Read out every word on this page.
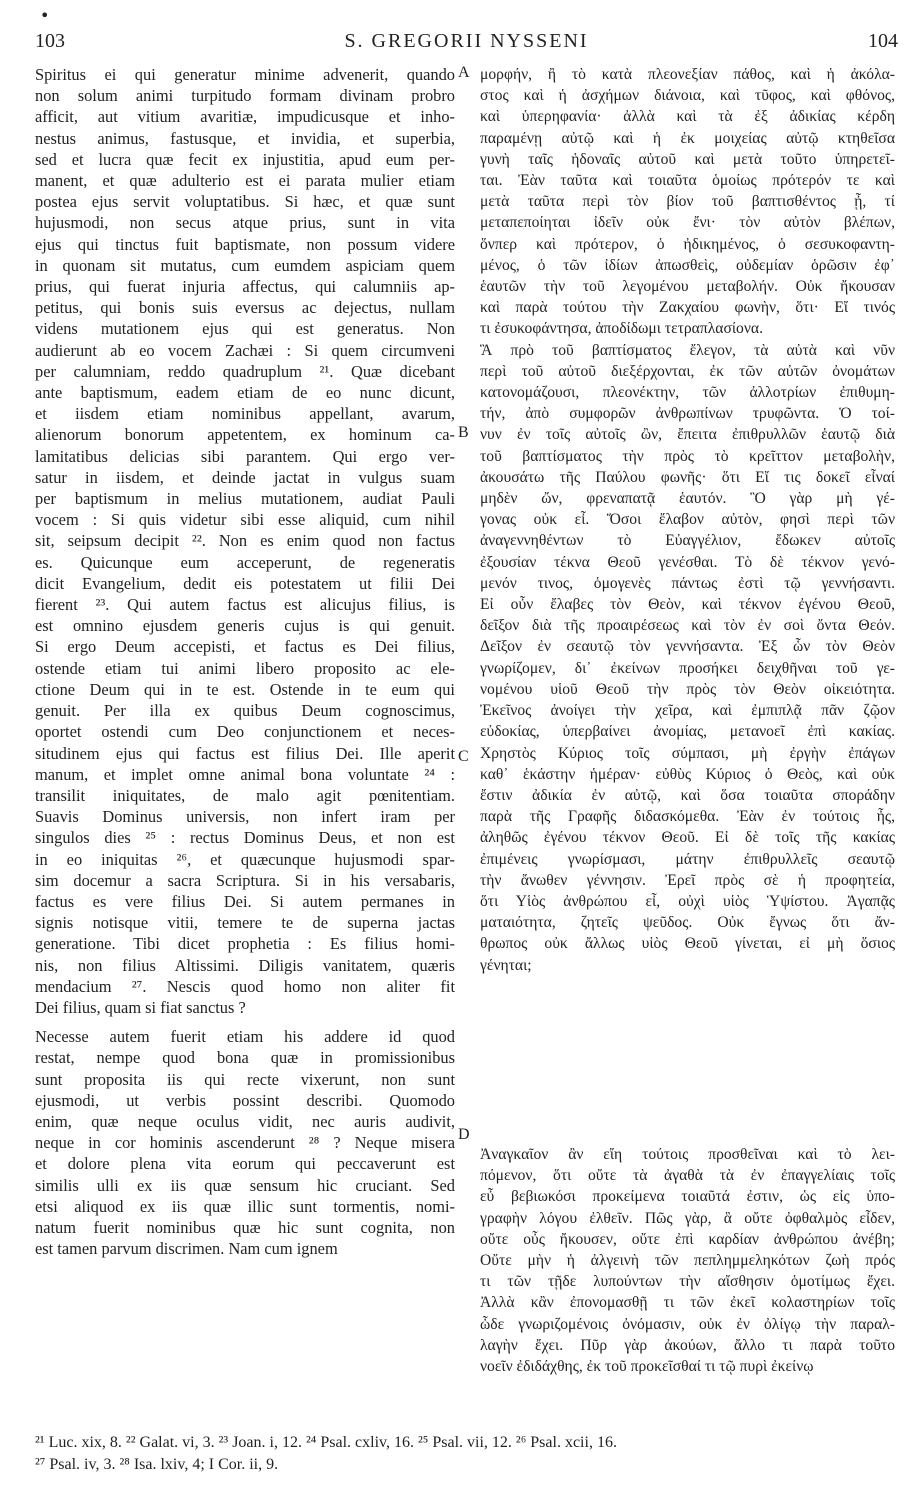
•
103	S. GREGORII NYSSENI	104
Spiritus ei qui generatur minime advenerit, quando
non solum animi turpitudo formam divinam probro
afficit, aut vitium avaritiæ, impudicusque et inho-
nestus animus, fastusque, et invidia, et superbia,
sed et lucra quæ fecit ex injustitia, apud eum per-
manent, et quæ adulterio est ei parata mulier etiam
postea ejus servit voluptatibus. Si hæc, et quæ sunt
hujusmodi, non secus atque prius, sunt in vita
ejus qui tinctus fuit baptismate, non possum videre
in quonam sit mutatus, cum eumdem aspiciam quem
prius, qui fuerat injuria affectus, qui calumniis ap-
petitus, qui bonis suis eversus ac dejectus, nullam
videns mutationem ejus qui est generatus. Non
audierunt ab eo vocem Zachæi : Si quem circumveni
per calumniam, reddo quadruplum ²¹. Quæ dicebant
ante baptismum, eadem etiam de eo nunc dicunt,
et iisdem etiam nominibus appellant, avarum,
alienorum bonorum appetentem, ex hominum ca-
lamitatibus delicias sibi parantem. Qui ergo ver-
satur in iisdem, et deinde jactat in vulgus suam
per baptismum in melius mutationem, audiat Pauli
vocem : Si quis videtur sibi esse aliquid, cum nihil
sit, seipsum decipit ²². Non es enim quod non factus
es. Quicunque eum acceperunt, de regeneratis
dicit Evangelium, dedit eis potestatem ut filii Dei
fierent ²³. Qui autem factus est alicujus filius, is
est omnino ejusdem generis cujus is qui genuit.
Si ergo Deum accepisti, et factus es Dei filius,
ostende etiam tui animi libero proposito ac ele-
ctione Deum qui in te est. Ostende in te eum qui
genuit. Per illa ex quibus Deum cognoscimus,
oportet ostendi cum Deo conjunctionem et neces-
situdinem ejus qui factus est filius Dei. Ille aperit
manum, et implet omne animal bona voluntate ²⁴ :
transilit iniquitates, de malo agit pœnitentiam.
Suavis Dominus universis, non infert iram per
singulos dies ²⁵ : rectus Dominus Deus, et non est
in eo iniquitas ²⁶, et quæcunque hujusmodi spar-
sim docemur a sacra Scriptura. Si in his versabaris,
factus es vere filius Dei. Si autem permanes in
signis notisque vitii, temere te de superna jactas
generatione. Tibi dicet prophetia : Es filius homi-
nis, non filius Altissimi. Diligis vanitatem, quæris
mendacium ²⁷. Nescis quod homo non aliter fit
Dei filius, quam si fiat sanctus ?
Necesse autem fuerit etiam his addere id quod
restat, nempe quod bona quæ in promissionibus
sunt proposita iis qui recte vixerunt, non sunt
ejusmodi, ut verbis possint describi. Quomodo
enim, quæ neque oculus vidit, nec auris audivit,
neque in cor hominis ascenderunt ²⁸ ? Neque misera
et dolore plena vita eorum qui peccaverunt est
similis ulli ex iis quæ sensum hic cruciant. Sed
etsi aliquod ex iis quæ illic sunt tormentis, nomi-
natum fuerit nominibus quæ hic sunt cognita, non
est tamen parvum discrimen. Nam cum ignem
μορφήν, ἢ τὸ κατὰ πλεονεξίαν πάθος, καὶ ἡ ἀκόλα-
στος καὶ ἡ ἀσχήμων διάνοια, καὶ τῦφος, καὶ φθόνος,
καὶ ὑπερηφανία· ἀλλὰ καὶ τὰ ἐξ ἀδικίας κέρδη
παραμένῃ αὐτῷ καὶ ἡ ἐκ μοιχείας αὐτῷ κτηθεῖσα
γυνὴ ταῖς ἡδοναῖς αὐτοῦ καὶ μετὰ τοῦτο ὑπηρετεῖ-
ται. Ἐὰν ταῦτα καὶ τοιαῦτα ὁμοίως πρότερόν τε καὶ
μετὰ ταῦτα περὶ τὸν βίον τοῦ βαπτισθέντος ᾖ, τί
μεταπεποίηται ἰδεῖν οὐκ ἔνι· τὸν αὐτὸν βλέπων,
ὅνπερ καὶ πρότερον, ὁ ἠδικημένος, ὁ σεσυκοφαντη-
μένος, ὁ τῶν ἰδίων ἀπωσθεὶς, οὐδεμίαν ὁρῶσιν ἐφ᾽
ἑαυτῶν τὴν τοῦ λεγομένου μεταβολήν. Οὐκ ἤκουσαν
καὶ παρὰ τούτου τὴν Ζακχαίου φωνὴν, ὅτι· Εἴ τινός
τι ἐσυκοφάντησα, ἀποδίδωμι τετραπλασίονα.
Ἃ πρὸ τοῦ βαπτίσματος ἔλεγον, τὰ αὐτὰ καὶ νῦν
περὶ τοῦ αὐτοῦ διεξέρχονται, ἐκ τῶν αὐτῶν ὀνομάτων
κατονομάζουσι, πλεονέκτην, τῶν ἀλλοτρίων ἐπιθυμη-
τήν, ἀπὸ συμφορῶν ἀνθρωπίνων τρυφῶντα. Ὁ τοί-
νυν ἐν τοῖς αὐτοῖς ὢν, ἔπειτα ἐπιθρυλλῶν ἑαυτῷ διὰ
τοῦ βαπτίσματος τὴν πρὸς τὸ κρεῖττον μεταβολὴν,
ἀκουσάτω τῆς Παύλου φωνῆς· ὅτι Εἴ τις δοκεῖ εἶναί
μηδὲν ὤν, φρεναπατᾷ ἑαυτόν. Ὃ γὰρ μὴ γέ-
γονας οὐκ εἶ. Ὅσοι ἔλαβον αὐτὸν, φησὶ περὶ τῶν
ἀναγεννηθέντων τὸ Εὐαγγέλιον, ἔδωκεν αὐτοῖς
ἐξουσίαν τέκνα Θεοῦ γενέσθαι. Τὸ δὲ τέκνον γενό-
μενόν τινος, ὁμογενὲς πάντως ἐστὶ τῷ γεννήσαντι.
Εἰ οὖν ἔλαβες τὸν Θεὸν, καὶ τέκνον ἐγένου Θεοῦ,
δεῖξον διὰ τῆς προαιρέσεως καὶ τὸν ἐν σοὶ ὄντα Θεόν.
Δεῖξον ἐν σεαυτῷ τὸν γεννήσαντα. Ἐξ ὧν τὸν Θεὸν
γνωρίζομεν, δι᾽ ἐκείνων προσήκει δειχθῆναι τοῦ γε-
νομένου υἱοῦ Θεοῦ τὴν πρὸς τὸν Θεὸν οἰκειότητα.
Ἐκεῖνος ἀνοίγει τὴν χεῖρα, καὶ ἐμπιπλᾷ πᾶν ζῷον
εὐδοκίας, ὑπερβαίνει ἀνομίας, μετανοεῖ ἐπὶ κακίας.
Χρηστὸς Κύριος τοῖς σύμπασι, μὴ ἐργὴν ἐπάγων
καθ᾽ ἑκάστην ἡμέραν· εὐθὺς Κύριος ὁ Θεὸς, καὶ οὐκ
ἔστιν ἀδικία ἐν αὐτῷ, καὶ ὅσα τοιαῦτα σποράδην
παρὰ τῆς Γραφῆς διδασκόμεθα. Ἐὰν ἐν τούτοις ἦς,
ἀληθῶς ἐγένου τέκνον Θεοῦ. Εἰ δὲ τοῖς τῆς κακίας
ἐπιμένεις γνωρίσμασι, μάτην ἐπιθρυλλεῖς σεαυτῷ
τὴν ἄνωθεν γέννησιν. Ἐρεῖ πρὸς σὲ ἡ προφητεία,
ὅτι Υἱὸς ἀνθρώπου εἶ, οὐχὶ υἱὸς Ὑψίστου. Ἀγαπᾷς
ματαιότητα, ζητεῖς ψεῦδος. Οὐκ ἔγνως ὅτι ἄν-
θρωπος οὐκ ἄλλως υἱὸς Θεοῦ γίνεται, εἰ μὴ ὅσιος
γένηται;
Ἀναγκαῖον ἂν εἴη τούτοις προσθεῖναι καὶ τὸ λει-
πόμενον, ὅτι οὔτε τὰ ἀγαθὰ τὰ ἐν ἐπαγγελίαις τοῖς
εὖ βεβιωκόσι προκείμενα τοιαῦτά ἐστιν, ὡς εἰς ὑπο-
γραφὴν λόγου ἐλθεῖν. Πῶς γὰρ, ἃ οὔτε ὀφθαλμὸς εἶδεν,
οὔτε οὖς ἤκουσεν, οὔτε ἐπὶ καρδίαν ἀνθρώπου ἀνέβη;
Οὔτε μὴν ἡ ἀλγεινὴ τῶν πεπλημμεληκότων ζωὴ πρός
τι τῶν τῇδε λυπούντων τὴν αἴσθησιν ὁμοτίμως ἔχει.
Ἀλλὰ κἂν ἐπονομασθῇ τι τῶν ἐκεῖ κολαστηρίων τοῖς
ὧδε γνωριζομένοις ὀνόμασιν, οὐκ ἐν ὀλίγῳ τὴν παραλ-
λαγὴν ἔχει. Πῦρ γὰρ ἀκούων, ἄλλο τι παρὰ τοῦτο
νοεῖν ἐδιδάχθης, ἐκ τοῦ προκεῖσθαί τι τῷ πυρὶ ἐκείνῳ
A
B
C
D
²¹ Luc. xix, 8. ²² Galat. vi, 3. ²³ Joan. i, 12. ²⁴ Psal. cxliv, 16. ²⁵ Psal. vii, 12. ²⁶ Psal. xcii, 16.
²⁷ Psal. iv, 3. ²⁸ Isa. lxiv, 4; I Cor. ii, 9.
